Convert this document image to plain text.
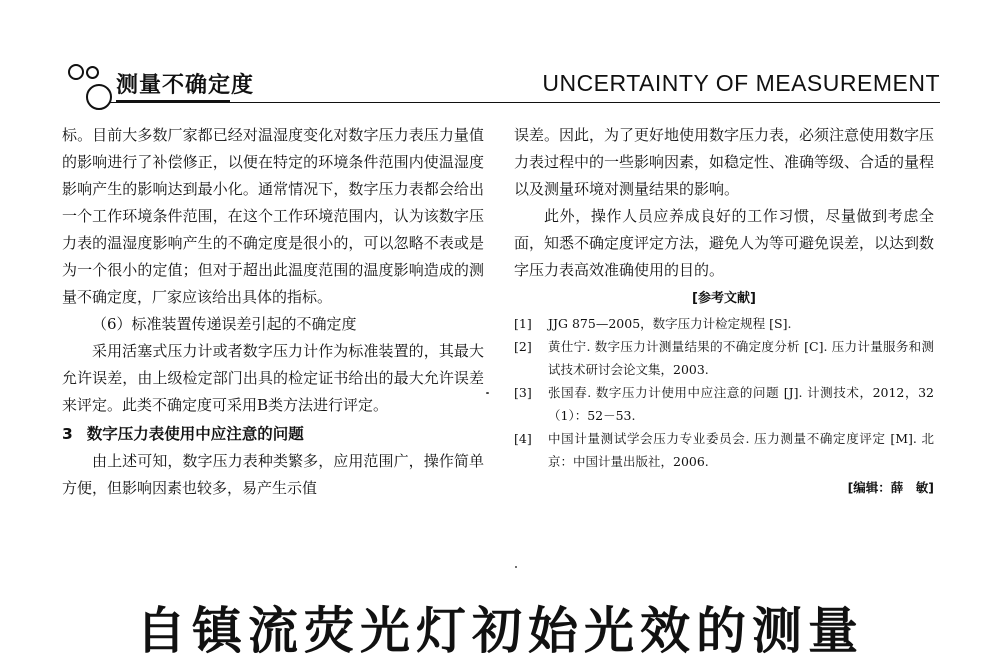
测量不确定度	UNCERTAINTY OF MEASUREMENT

标。目前大多数厂家都已经对温湿度变化对数字压力表压力量值的影响进行了补偿修正，以便在特定的环境条件范围内使温湿度影响产生的影响达到最小化。通常情况下，数字压力表都会给出一个工作环境条件范围，在这个工作环境范围内，认为该数字压力表的温湿度影响产生的不确定度是很小的，可以忽略不表或是为一个很小的定值；但对于超出此温度范围的温度影响造成的测量不确定度，厂家应该给出具体的指标。

（6）标准装置传递误差引起的不确定度

采用活塞式压力计或者数字压力计作为标准装置的，其最大允许误差，由上级检定部门出具的检定证书给出的最大允许误差来评定。此类不确定度可采用B类方法进行评定。

3 数字压力表使用中应注意的问题

由上述可知，数字压力表种类繁多，应用范围广，操作简单方便，但影响因素也较多，易产生示值

误差。因此，为了更好地使用数字压力表，必须注意使用数字压力表过程中的一些影响因素，如稳定性、准确等级、合适的量程以及测量环境对测量结果的影响。

此外，操作人员应养成良好的工作习惯，尽量做到考虑全面，知悉不确定度评定方法，避免人为等可避免误差，以达到数字压力表高效准确使用的目的。

[参考文献]
[1]	JJG 875—2005，数字压力计检定规程 [S].
[2]	黄仕宁. 数字压力计测量结果的不确定度分析 [C]. 压力计量服务和测试技术研讨会论文集，2003.
[3]	张国春. 数字压力计使用中应注意的问题 [J]. 计测技术，2012，32（1）：52－53.
[4]	中国计量测试学会压力专业委员会. 压力测量不确定度评定 [M]. 北京：中国计量出版社，2006.
[编辑：薛　敏]
自镇流荧光灯初始光效的测量
